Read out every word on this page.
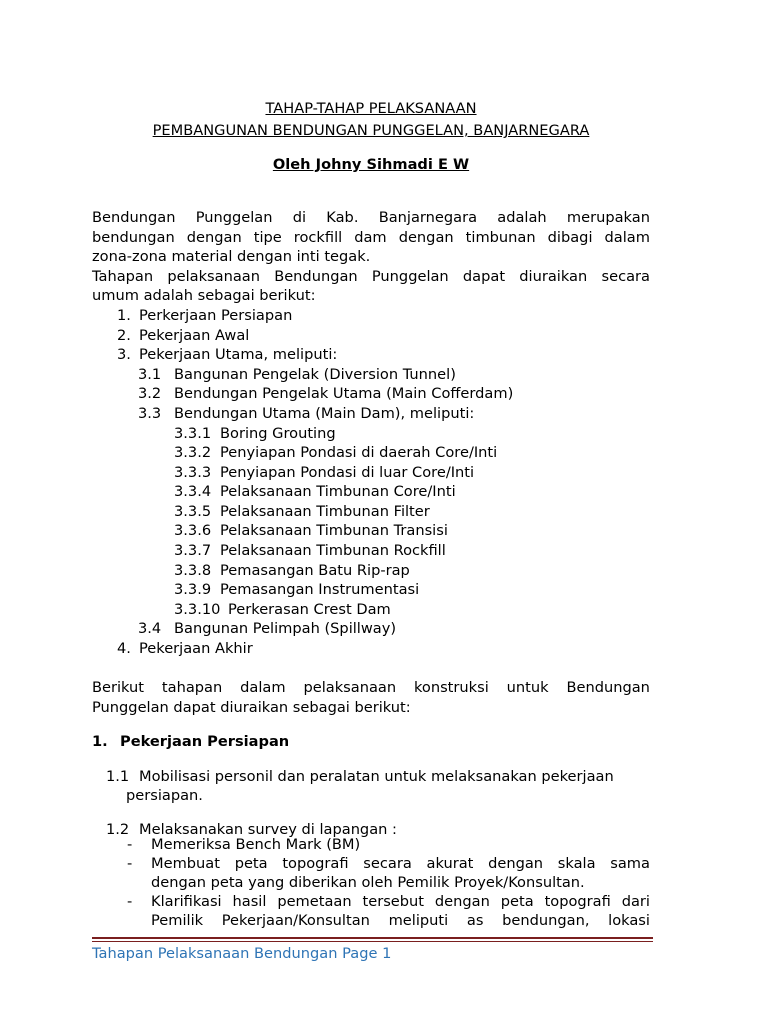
TAHAP-TAHAP PELAKSANAAN
PEMBANGUNAN BENDUNGAN PUNGGELAN, BANJARNEGARA
Oleh Johny Sihmadi E W
Bendungan Punggelan di Kab. Banjarnegara adalah merupakan
bendungan dengan tipe rockfill dam dengan timbunan dibagi dalam
zona-zona material dengan inti tegak.
Tahapan pelaksanaan Bendungan Punggelan dapat diuraikan secara
umum adalah sebagai berikut:
1. Perkerjaan Persiapan
2. Pekerjaan Awal
3. Pekerjaan Utama, meliputi:
3.1 Bangunan Pengelak (Diversion Tunnel)
3.2 Bendungan Pengelak Utama (Main Cofferdam)
3.3 Bendungan Utama (Main Dam), meliputi:
3.3.1 Boring Grouting
3.3.2 Penyiapan Pondasi di daerah Core/Inti
3.3.3 Penyiapan Pondasi di luar Core/Inti
3.3.4 Pelaksanaan Timbunan Core/Inti
3.3.5 Pelaksanaan Timbunan Filter
3.3.6 Pelaksanaan Timbunan Transisi
3.3.7 Pelaksanaan Timbunan Rockfill
3.3.8 Pemasangan Batu Rip-rap
3.3.9 Pemasangan Instrumentasi
3.3.10 Perkerasan Crest Dam
3.4 Bangunan Pelimpah (Spillway)
4. Pekerjaan Akhir
Berikut tahapan dalam pelaksanaan konstruksi untuk Bendungan
Punggelan dapat diuraikan sebagai berikut:
1. Pekerjaan Persiapan
1.1 Mobilisasi personil dan peralatan untuk melaksanakan pekerjaan
persiapan.
1.2 Melaksanakan survey di lapangan :
- Memeriksa Bench Mark (BM)
- Membuat peta topografi secara akurat dengan skala sama
dengan peta yang diberikan oleh Pemilik Proyek/Konsultan.
- Klarifikasi hasil pemetaan tersebut dengan peta topografi dari
Pemilik Pekerjaan/Konsultan meliputi as bendungan, lokasi
Tahapan Pelaksanaan Bendungan Page 1
